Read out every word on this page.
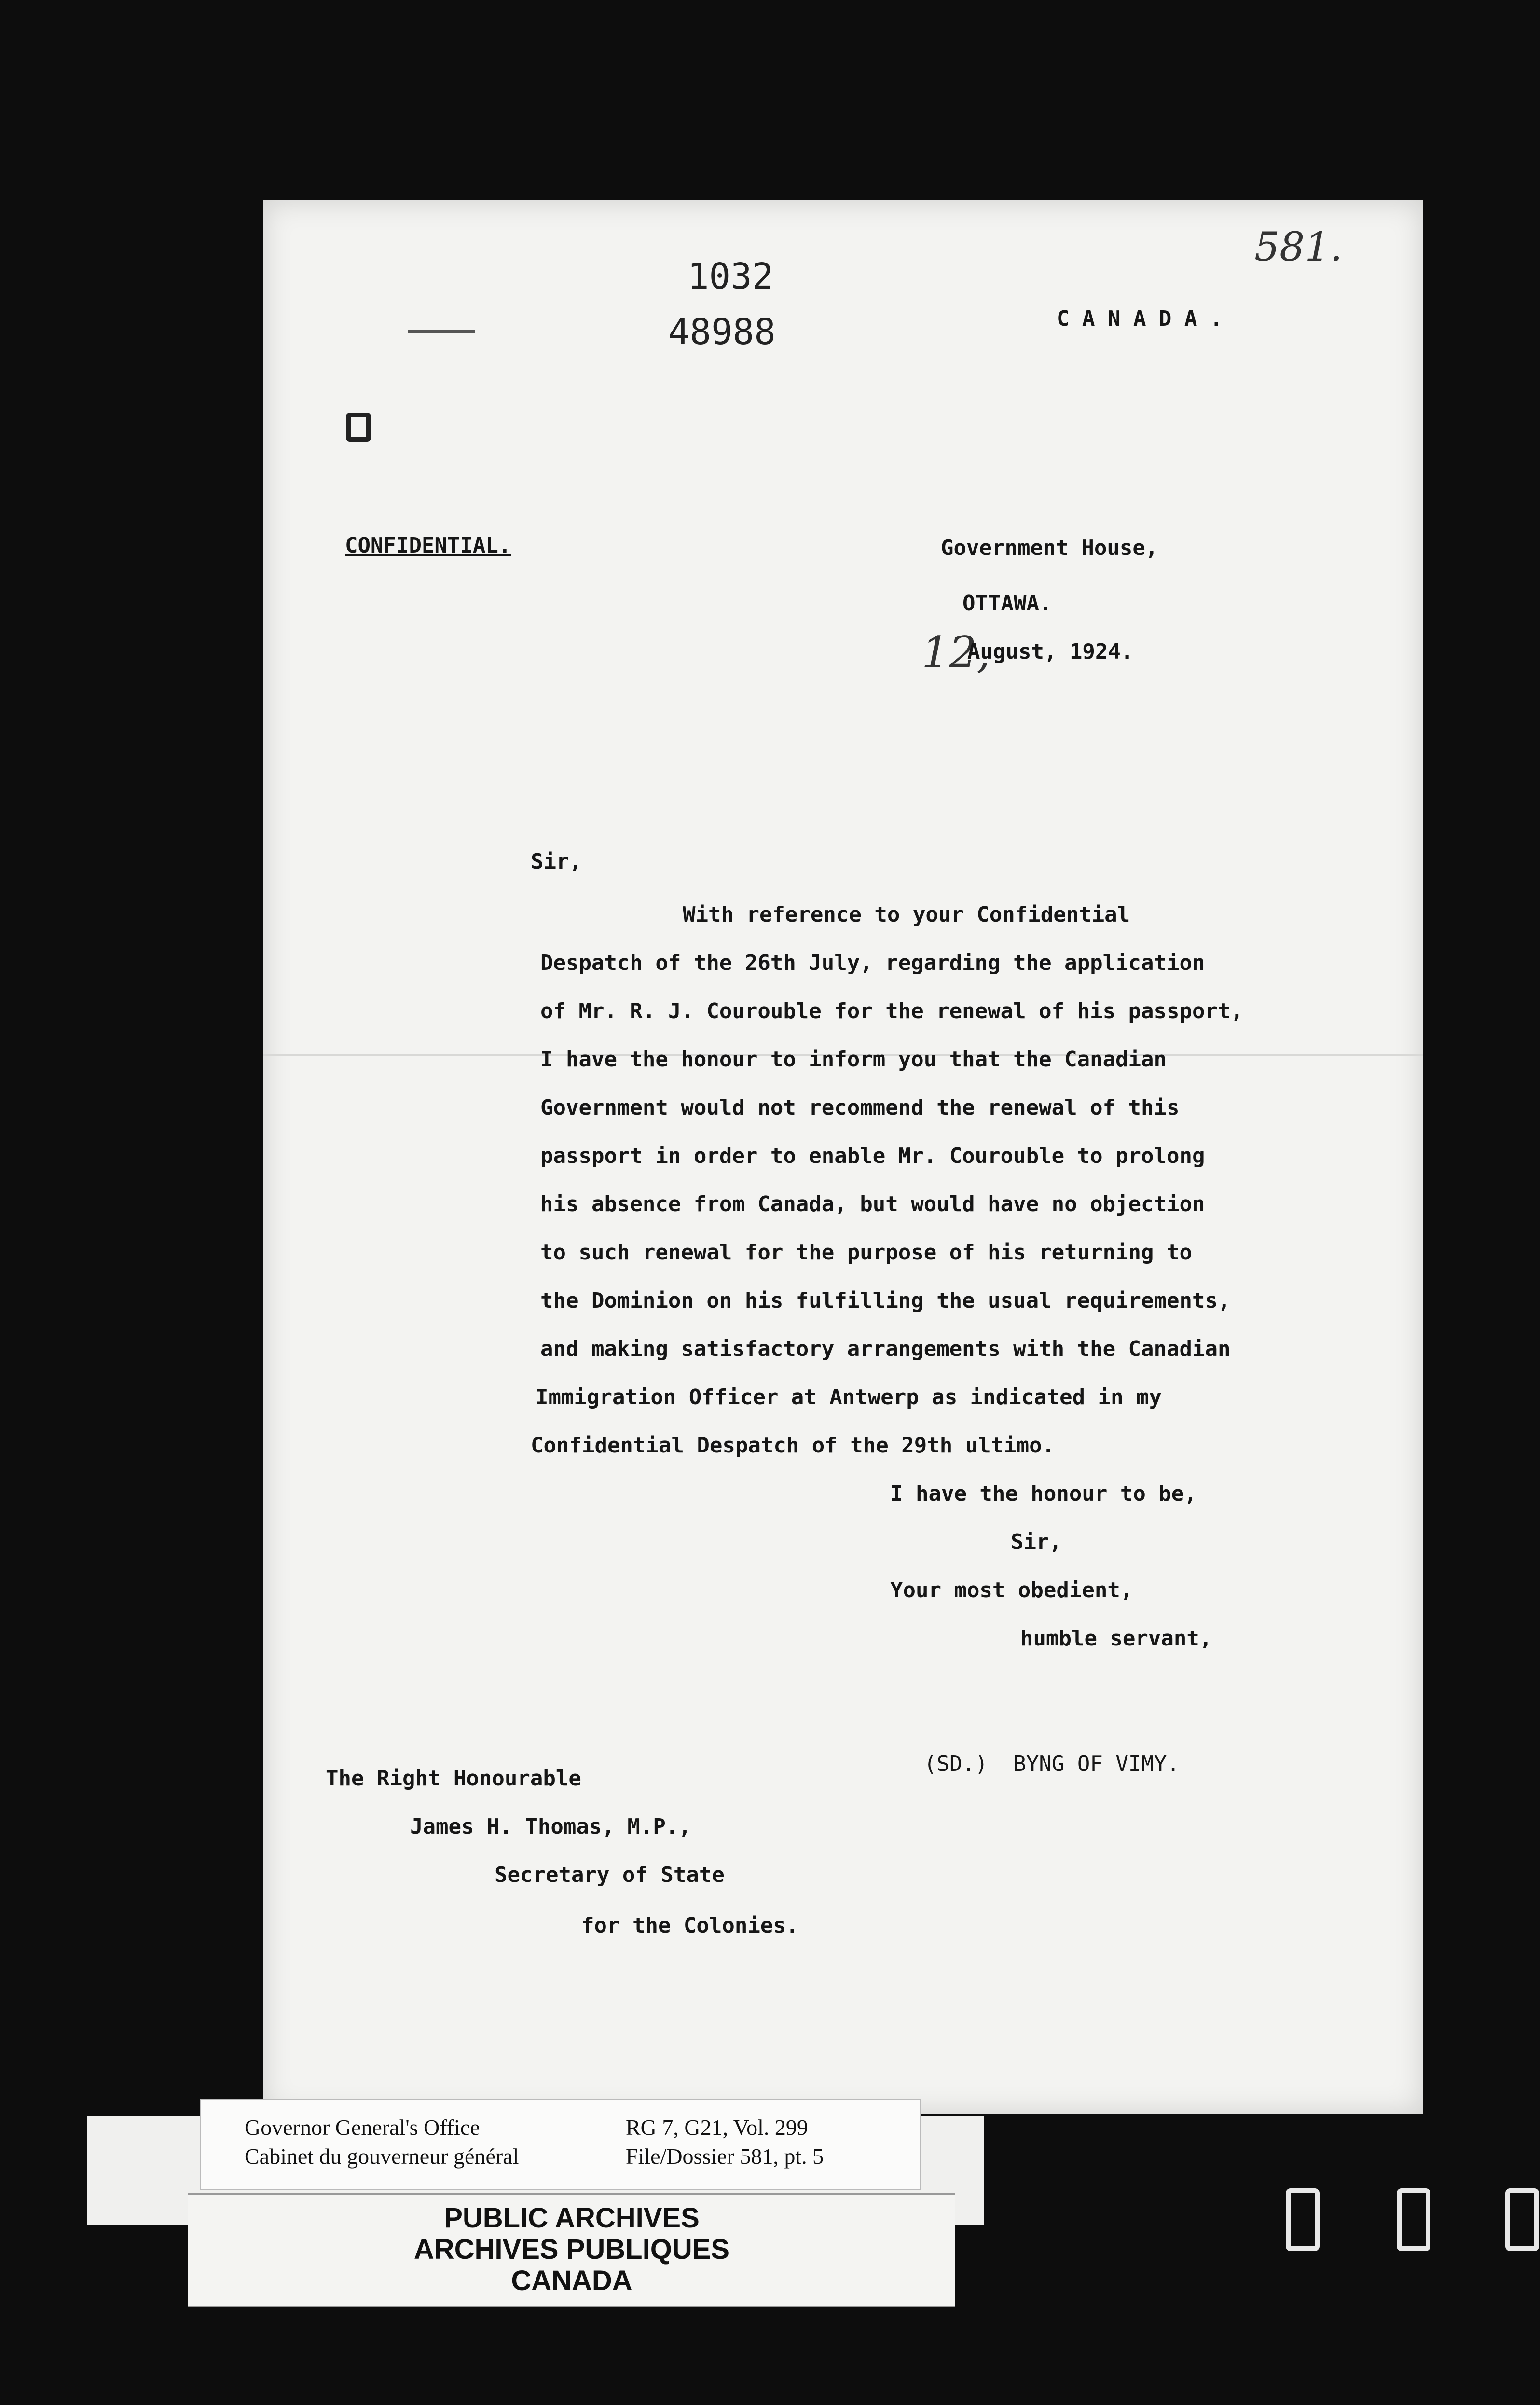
1032
48988	C A N A D A .
581.
CONFIDENTIAL.	Government House,
OTTAWA.
12,
August, 1924.
Sir,
With reference to your Confidential
Despatch of the 26th July, regarding the application
of Mr. R. J. Courouble for the renewal of his passport,
I have the honour to inform you that the Canadian
Government would not recommend the renewal of this
passport in order to enable Mr. Courouble to prolong
his absence from Canada, but would have no objection
to such renewal for the purpose of his returning to
the Dominion on his fulfilling the usual requirements,
and making satisfactory arrangements with the Canadian
Immigration Officer at Antwerp as indicated in my
Confidential Despatch of the 29th ultimo.
I have the honour to be,
Sir,
Your most obedient,
humble servant,
(SD.)  BYNG OF VIMY.
The Right Honourable
James H. Thomas, M.P.,
Secretary of State
for the Colonies.
Governor General's Office
Cabinet du gouverneur général
RG 7, G21, Vol. 299
File/Dossier 581, pt. 5
PUBLIC ARCHIVES
ARCHIVES PUBLIQUES
CANADA
